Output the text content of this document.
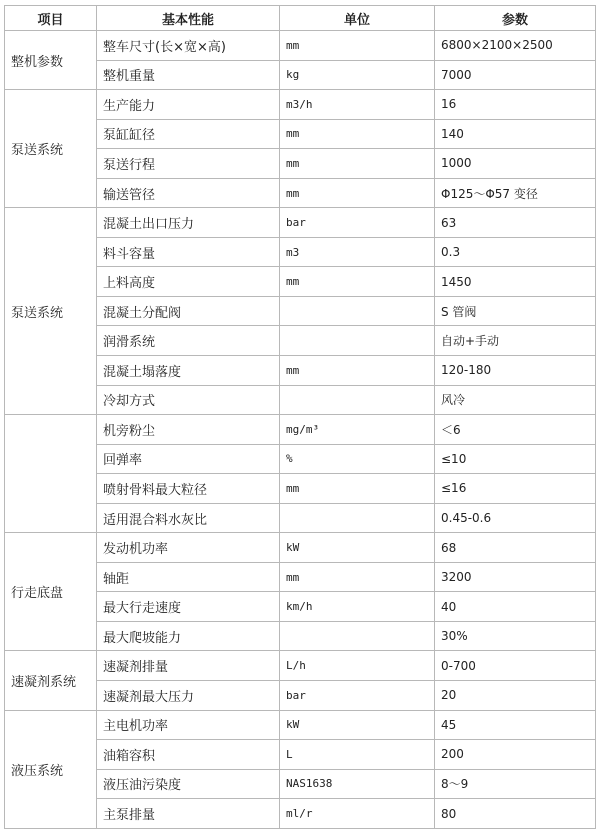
项目	基本性能	单位	参数
整机参数	整车尺寸(长×宽×高)	mm	6800×2100×2500
	整机重量	kg	7000
泵送系统	生产能力	m3/h	16
	泵缸缸径	mm	140
	泵送行程	mm	1000
	输送管径	mm	Φ125～Φ57 变径
泵送系统	混凝土出口压力	bar	63
	料斗容量	m3	0.3
	上料高度	mm	1450
	混凝土分配阀		S 管阀
	润滑系统		自动+手动
	混凝土塌落度	mm	120-180
	冷却方式		风冷
	机旁粉尘	mg/m³	＜6
	回弹率	%	≤10
	喷射骨料最大粒径	mm	≤16
	适用混合料水灰比		0.45-0.6
行走底盘	发动机功率	kW	68
	轴距	mm	3200
	最大行走速度	km/h	40
	最大爬坡能力		30%
速凝剂系统	速凝剂排量	L/h	0-700
	速凝剂最大压力	bar	20
液压系统	主电机功率	kW	45
	油箱容积	L	200
	液压油污染度	NAS1638	8～9
	主泵排量	ml/r	80
